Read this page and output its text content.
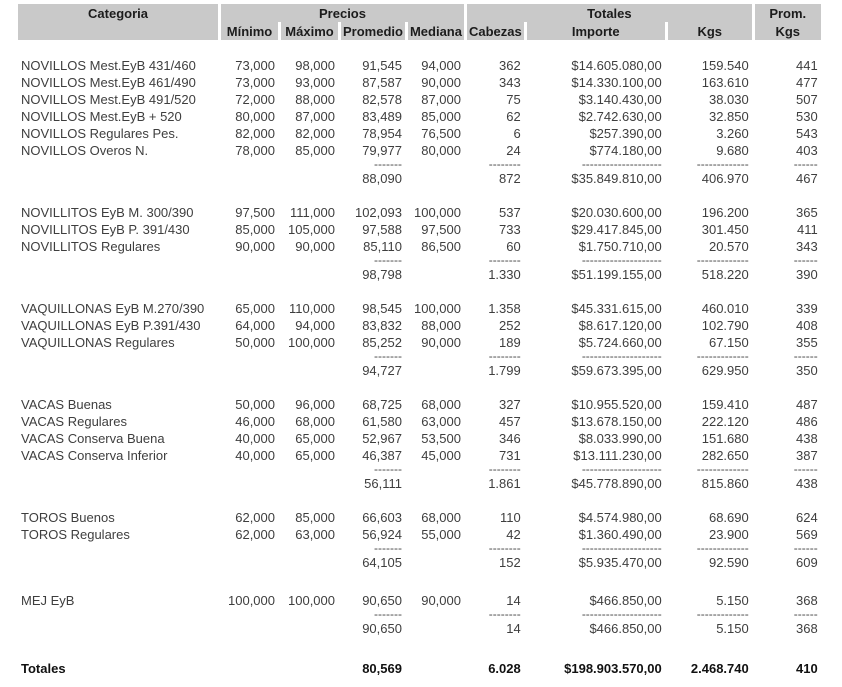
Categoria	Precios				Totales			Prom.
	Mínimo	Máximo	Promedio	Mediana	Cabezas	Importe	Kgs	Kgs

NOVILLOS Mest.EyB 431/460	73,000	98,000	91,545	94,000	362	$14.605.080,00	159.540	441
NOVILLOS Mest.EyB 461/490	73,000	93,000	87,587	90,000	343	$14.330.100,00	163.610	477
NOVILLOS Mest.EyB 491/520	72,000	88,000	82,578	87,000	75	$3.140.430,00	38.030	507
NOVILLOS Mest.EyB + 520	80,000	87,000	83,489	85,000	62	$2.742.630,00	32.850	530
NOVILLOS Regulares Pes.	82,000	82,000	78,954	76,500	6	$257.390,00	3.260	543
NOVILLOS Overos N.	78,000	85,000	79,977	80,000	24	$774.180,00	9.680	403
			-------		--------	--------------------	-------------	------
			88,090		872	$35.849.810,00	406.970	467

NOVILLITOS EyB M. 300/390	97,500	111,000	102,093	100,000	537	$20.030.600,00	196.200	365
NOVILLITOS EyB P. 391/430	85,000	105,000	97,588	97,500	733	$29.417.845,00	301.450	411
NOVILLITOS Regulares	90,000	90,000	85,110	86,500	60	$1.750.710,00	20.570	343
			-------		--------	--------------------	-------------	------
			98,798		1.330	$51.199.155,00	518.220	390

VAQUILLONAS EyB M.270/390	65,000	110,000	98,545	100,000	1.358	$45.331.615,00	460.010	339
VAQUILLONAS EyB P.391/430	64,000	94,000	83,832	88,000	252	$8.617.120,00	102.790	408
VAQUILLONAS Regulares	50,000	100,000	85,252	90,000	189	$5.724.660,00	67.150	355
			-------		--------	--------------------	-------------	------
			94,727		1.799	$59.673.395,00	629.950	350

VACAS Buenas	50,000	96,000	68,725	68,000	327	$10.955.520,00	159.410	487
VACAS Regulares	46,000	68,000	61,580	63,000	457	$13.678.150,00	222.120	486
VACAS Conserva Buena	40,000	65,000	52,967	53,500	346	$8.033.990,00	151.680	438
VACAS Conserva Inferior	40,000	65,000	46,387	45,000	731	$13.111.230,00	282.650	387
			-------		--------	--------------------	-------------	------
			56,111		1.861	$45.778.890,00	815.860	438

TOROS Buenos	62,000	85,000	66,603	68,000	110	$4.574.980,00	68.690	624
TOROS Regulares	62,000	63,000	56,924	55,000	42	$1.360.490,00	23.900	569
			-------		--------	--------------------	-------------	------
			64,105		152	$5.935.470,00	92.590	609

MEJ EyB	100,000	100,000	90,650	90,000	14	$466.850,00	5.150	368
			-------		--------	--------------------	-------------	------
			90,650		14	$466.850,00	5.150	368

Totales			80,569		6.028	$198.903.570,00	2.468.740	410
